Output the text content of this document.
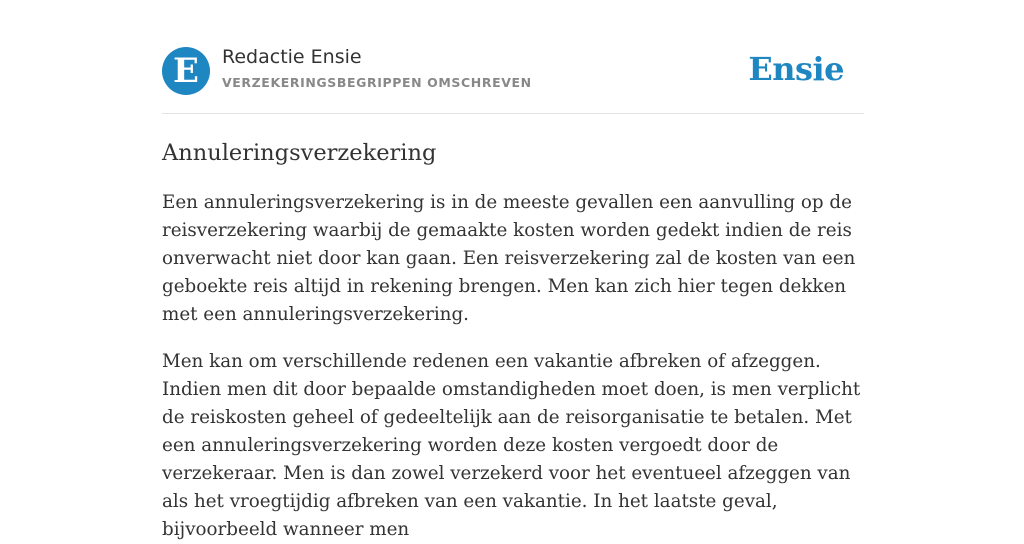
E	Redactie Ensie
VERZEKERINGSBEGRIPPEN OMSCHREVEN	Ensie
Annuleringsverzekering

Een annuleringsverzekering is in de meeste gevallen een aanvulling op de reisverzekering waarbij de gemaakte kosten worden gedekt indien de reis onverwacht niet door kan gaan. Een reisverzekering zal de kosten van een geboekte reis altijd in rekening brengen. Men kan zich hier tegen dekken met een annuleringsverzekering.

Men kan om verschillende redenen een vakantie afbreken of afzeggen. Indien men dit door bepaalde omstandigheden moet doen, is men verplicht de reiskosten geheel of gedeeltelijk aan de reisorganisatie te betalen. Met een annuleringsverzekering worden deze kosten vergoedt door de verzekeraar. Men is dan zowel verzekerd voor het eventueel afzeggen van als het vroegtijdig afbreken van een vakantie. In het laatste geval, bijvoorbeeld wanneer men
